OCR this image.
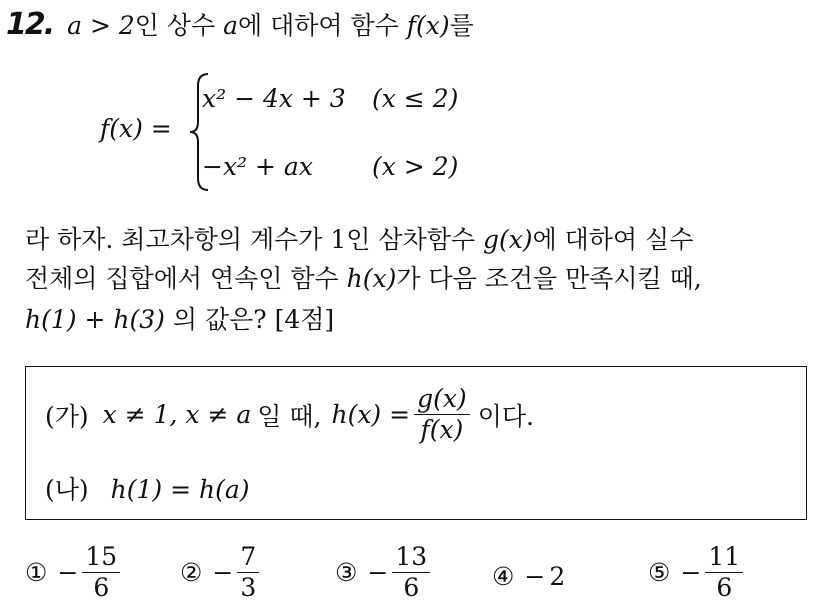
12. a > 2인 상수 a에 대하여 함수 f(x)를
f(x) =
x² − 4x + 3 (x ≤ 2)
−x² + ax (x > 2)
라 하자. 최고차항의 계수가 1인 삼차함수 g(x)에 대하여 실수
전체의 집합에서 연속인 함수 h(x)가 다음 조건을 만족시킬 때,
h(1) + h(3) 의 값은? [4점]
(가) x ≠ 1, x ≠ a 일 때, $h(x) = \frac{g(x)}{f(x)}$ 이다.
(나) h(1) = h(a)
① − $\frac{15}{6}$ ② − $\frac{7}{3}$	③ − $\frac{13}{6}$ ④ − 2	⑤ − $\frac{11}{6}$
